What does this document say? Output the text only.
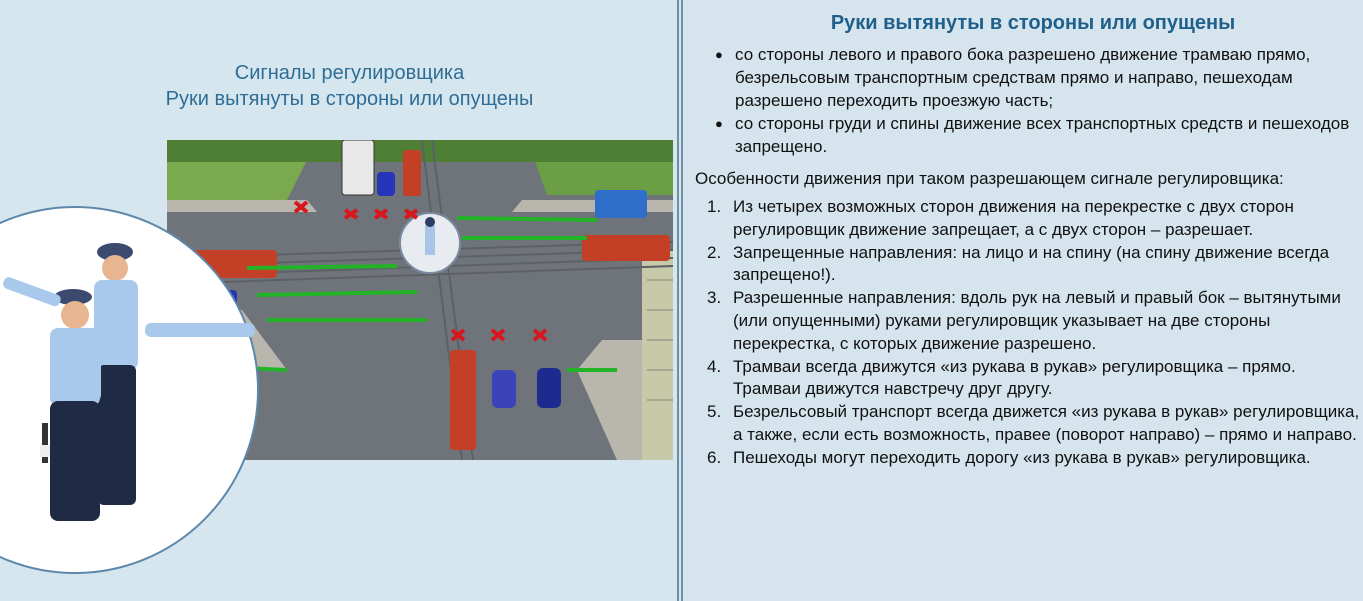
Сигналы регулировщика
Руки вытянуты в стороны или опущены
Руки вытянуты в стороны или опущены
● со стороны левого и правого бока разрешено движение трамваю прямо, безрельсовым транспортным средствам прямо и направо, пешеходам разрешено переходить проезжую часть;
● со стороны груди и спины движение всех транспортных средств и пешеходов запрещено.
Особенности движения при таком разрешающем сигнале регулировщика:
1. Из четырех возможных сторон движения на перекрестке с двух сторон регулировщик движение запрещает, а с двух сторон – разрешает.
2. Запрещенные направления: на лицо и на спину (на спину движение всегда запрещено!).
3. Разрешенные направления: вдоль рук на левый и правый бок – вытянутыми (или опущенными) руками регулировщик указывает на две стороны перекрестка, с которых движение разрешено.
4. Трамваи всегда движутся «из рукава в рукав» регулировщика – прямо. Трамваи движутся навстречу друг другу.
5. Безрельсовый транспорт всегда движется «из рукава в рукав» регулировщика, а также, если есть возможность, правее (поворот направо) – прямо и направо.
6. Пешеходы могут переходить дорогу «из рукава в рукав» регулировщика.
